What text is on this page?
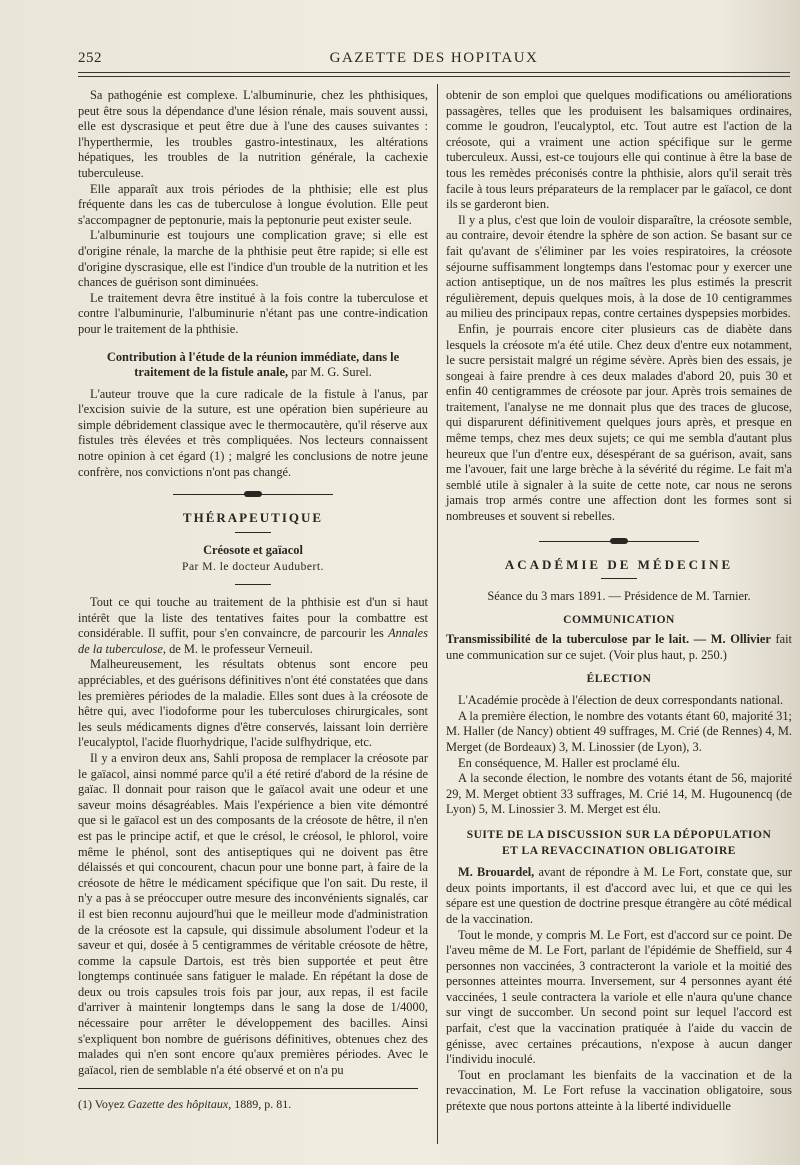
252	GAZETTE DES HOPITAUX

Sa pathogénie est complexe. L'albuminurie, chez les phthisiques, peut être sous la dépendance d'une lésion rénale, mais souvent aussi, elle est dyscrasique et peut être due à l'une des causes suivantes : l'hyperthermie, les troubles gastro-intestinaux, les altérations hépatiques, les troubles de la nutrition générale, la cachexie tuberculeuse.

Elle apparaît aux trois périodes de la phthisie; elle est plus fréquente dans les cas de tuberculose à longue évolution. Elle peut s'accompagner de peptonurie, mais la peptonurie peut exister seule.

L'albuminurie est toujours une complication grave; si elle est d'origine rénale, la marche de la phthisie peut être rapide; si elle est d'origine dyscrasique, elle est l'indice d'un trouble de la nutrition et les chances de guérison sont diminuées.

Le traitement devra être institué à la fois contre la tuberculose et contre l'albuminurie, l'albuminurie n'étant pas une contre-indication pour le traitement de la phthisie.

Contribution à l'étude de la réunion immédiate, dans le traitement de la fistule anale, par M. G. Surel.

L'auteur trouve que la cure radicale de la fistule à l'anus, par l'excision suivie de la suture, est une opération bien supérieure au simple débridement classique avec le thermocautère, qu'il réserve aux fistules très élevées et très compliquées. Nos lecteurs connaissent notre opinion à cet égard (1) ; malgré les conclusions de notre jeune confrère, nos convictions n'ont pas changé.

THÉRAPEUTIQUE
Créosote et gaïacol
Par M. le docteur Audubert.

Tout ce qui touche au traitement de la phthisie est d'un si haut intérêt que la liste des tentatives faites pour la combattre est considérable. Il suffit, pour s'en convaincre, de parcourir les Annales de la tuberculose, de M. le professeur Verneuil.

Malheureusement, les résultats obtenus sont encore peu appréciables, et des guérisons définitives n'ont été constatées que dans les premières périodes de la maladie. Elles sont dues à la créosote de hêtre qui, avec l'iodoforme pour les tuberculoses chirurgicales, sont les seuls médicaments dignes d'être conservés, laissant loin derrière l'eucalyptol, l'acide fluorhydrique, l'acide sulfhydrique, etc.

Il y a environ deux ans, Sahli proposa de remplacer la créosote par le gaïacol, ainsi nommé parce qu'il a été retiré d'abord de la résine de gaïac. Il donnait pour raison que le gaïacol avait une odeur et une saveur moins désagréables. Mais l'expérience a bien vite démontré que si le gaïacol est un des composants de la créosote de hêtre, il n'en est pas le principe actif, et que le crésol, le créosol, le phlorol, voire même le phénol, sont des antiseptiques qui ne doivent pas être délaissés et qui concourent, chacun pour une bonne part, à faire de la créosote de hêtre le médicament spécifique que l'on sait. Du reste, il n'y a pas à se préoccuper outre mesure des inconvénients signalés, car il est bien reconnu aujourd'hui que le meilleur mode d'administration de la créosote est la capsule, qui dissimule absolument l'odeur et la saveur et qui, dosée à 5 centigrammes de véritable créosote de hêtre, comme la capsule Dartois, est très bien supportée et peut être longtemps continuée sans fatiguer le malade. En répétant la dose de deux ou trois capsules trois fois par jour, aux repas, il est facile d'arriver à maintenir longtemps dans le sang la dose de 1/4000, nécessaire pour arrêter le développement des bacilles. Ainsi s'expliquent bon nombre de guérisons définitives, obtenues chez des malades qui n'en sont encore qu'aux premières périodes. Avec le gaïacol, rien de semblable n'a été observé et on n'a pu

(1) Voyez Gazette des hôpitaux, 1889, p. 81.

obtenir de son emploi que quelques modifications ou améliorations passagères, telles que les produisent les balsamiques ordinaires, comme le goudron, l'eucalyptol, etc. Tout autre est l'action de la créosote, qui a vraiment une action spécifique sur le germe tuberculeux. Aussi, est-ce toujours elle qui continue à être la base de tous les remèdes préconisés contre la phthisie, alors qu'il serait très facile à tous leurs préparateurs de la remplacer par le gaïacol, ce dont ils se garderont bien.

Il y a plus, c'est que loin de vouloir disparaître, la créosote semble, au contraire, devoir étendre la sphère de son action. Se basant sur ce fait qu'avant de s'éliminer par les voies respiratoires, la créosote séjourne suffisamment longtemps dans l'estomac pour y exercer une action antiseptique, un de nos maîtres les plus estimés la prescrit régulièrement, depuis quelques mois, à la dose de 10 centigrammes au milieu des principaux repas, contre certaines dyspepsies morbides.

Enfin, je pourrais encore citer plusieurs cas de diabète dans lesquels la créosote m'a été utile. Chez deux d'entre eux notamment, le sucre persistait malgré un régime sévère. Après bien des essais, je songeai à faire prendre à ces deux malades d'abord 20, puis 30 et enfin 40 centigrammes de créosote par jour. Après trois semaines de traitement, l'analyse ne me donnait plus que des traces de glucose, qui disparurent définitivement quelques jours après, et presque en même temps, chez mes deux sujets; ce qui me sembla d'autant plus heureux que l'un d'entre eux, désespérant de sa guérison, avait, sans me l'avouer, fait une large brèche à la sévérité du régime. Le fait m'a semblé utile à signaler à la suite de cette note, car nous ne serons jamais trop armés contre une affection dont les formes sont si nombreuses et souvent si rebelles.

ACADÉMIE DE MÉDECINE
Séance du 3 mars 1891. — Présidence de M. Tarnier.
COMMUNICATION

Transmissibilité de la tuberculose par le lait. — M. Ollivier fait une communication sur ce sujet. (Voir plus haut, p. 250.)

ÉLECTION

L'Académie procède à l'élection de deux correspondants national.

A la première élection, le nombre des votants étant 60, majorité 31; M. Haller (de Nancy) obtient 49 suffrages, M. Crié (de Rennes) 4, M. Merget (de Bordeaux) 3, M. Linossier (de Lyon), 3.

En conséquence, M. Haller est proclamé élu.

A la seconde élection, le nombre des votants étant de 56, majorité 29, M. Merget obtient 33 suffrages, M. Crié 14, M. Hugounencq (de Lyon) 5, M. Linossier 3. M. Merget est élu.

SUITE DE LA DISCUSSION SUR LA DÉPOPULATION ET LA REVACCINATION OBLIGATOIRE

M. Brouardel, avant de répondre à M. Le Fort, constate que, sur deux points importants, il est d'accord avec lui, et que ce qui les sépare est une question de doctrine presque étrangère au côté médical de la vaccination.

Tout le monde, y compris M. Le Fort, est d'accord sur ce point. De l'aveu même de M. Le Fort, parlant de l'épidémie de Sheffield, sur 4 personnes non vaccinées, 3 contracteront la variole et la moitié des personnes atteintes mourra. Inversement, sur 4 personnes ayant été vaccinées, 1 seule contractera la variole et elle n'aura qu'une chance sur vingt de succomber. Un second point sur lequel l'accord est parfait, c'est que la vaccination pratiquée à l'aide du vaccin de génisse, avec certaines précautions, n'expose à aucun danger l'individu inoculé.

Tout en proclamant les bienfaits de la vaccination et de la revaccination, M. Le Fort refuse la vaccination obligatoire, sous prétexte que nous portons atteinte à la liberté individuelle
